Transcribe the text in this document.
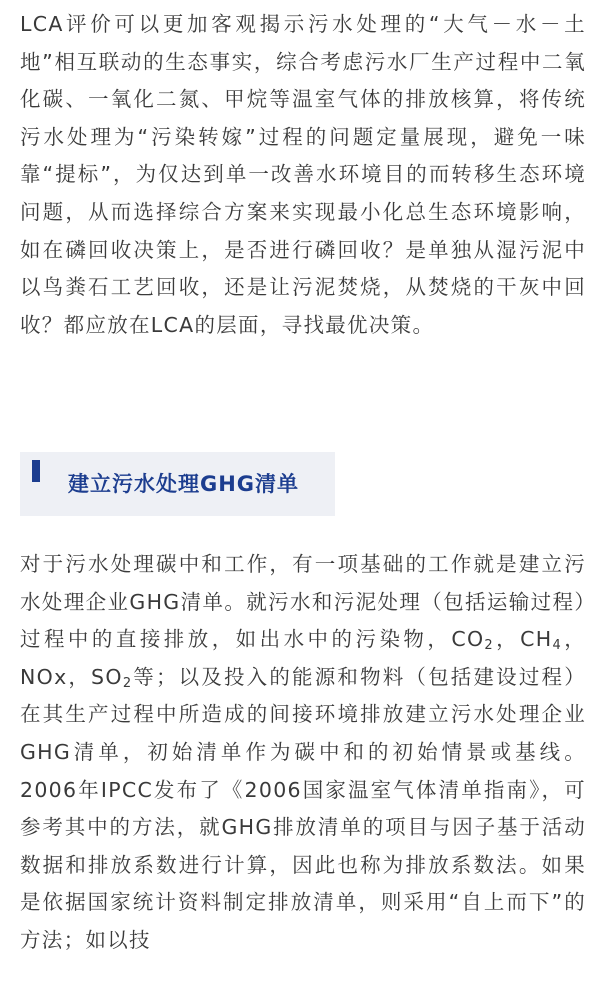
LCA评价可以更加客观揭示污水处理的“大气－水－土地”相互联动的生态事实，综合考虑污水厂生产过程中二氧化碳、一氧化二氮、甲烷等温室气体的排放核算，将传统污水处理为“污染转嫁”过程的问题定量展现，避免一味靠“提标”，为仅达到单一改善水环境目的而转移生态环境问题，从而选择综合方案来实现最小化总生态环境影响，如在磷回收决策上，是否进行磷回收？是单独从湿污泥中以鸟粪石工艺回收，还是让污泥焚烧，从焚烧的干灰中回收？都应放在LCA的层面，寻找最优决策。

建立污水处理GHG清单

对于污水处理碳中和工作，有一项基础的工作就是建立污水处理企业GHG清单。就污水和污泥处理（包括运输过程）过程中的直接排放，如出水中的污染物，$CO_2$，$CH_4$，NOx，$SO_2$等；以及投入的能源和物料（包括建设过程）在其生产过程中所造成的间接环境排放建立污水处理企业GHG清单，初始清单作为碳中和的初始情景或基线。2006年IPCC发布了《2006国家温室气体清单指南》，可参考其中的方法，就GHG排放清单的项目与因子基于活动数据和排放系数进行计算，因此也称为排放系数法。如果是依据国家统计资料制定排放清单，则采用“自上而下”的方法；如以技
